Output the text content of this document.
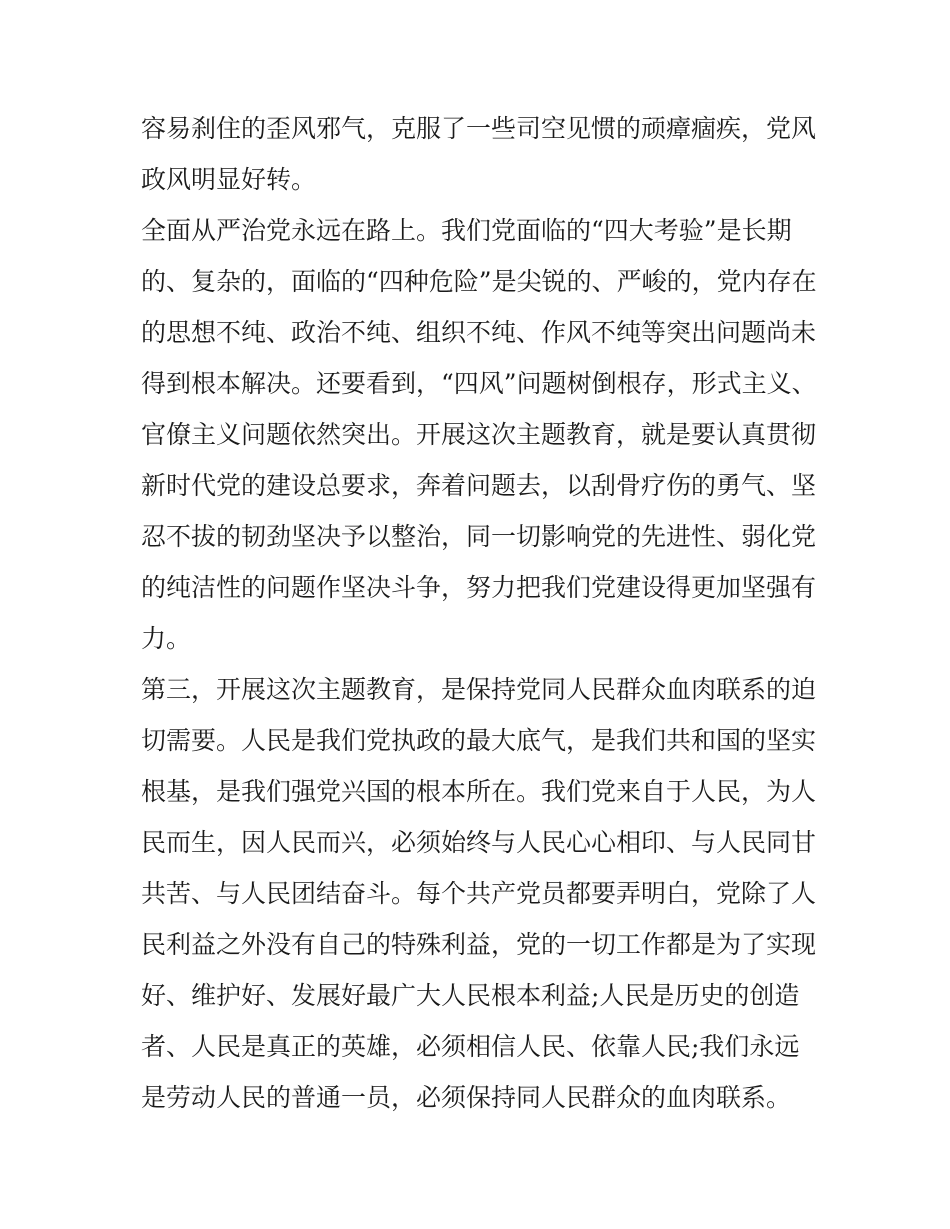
容易刹住的歪风邪气，克服了一些司空见惯的顽瘴痼疾，党风
政风明显好转。
全面从严治党永远在路上。我们党面临的“四大考验”是长期
的、复杂的，面临的“四种危险”是尖锐的、严峻的，党内存在
的思想不纯、政治不纯、组织不纯、作风不纯等突出问题尚未
得到根本解决。还要看到，“四风”问题树倒根存，形式主义、
官僚主义问题依然突出。开展这次主题教育，就是要认真贯彻
新时代党的建设总要求，奔着问题去，以刮骨疗伤的勇气、坚
忍不拔的韧劲坚决予以整治，同一切影响党的先进性、弱化党
的纯洁性的问题作坚决斗争，努力把我们党建设得更加坚强有
力。
第三，开展这次主题教育，是保持党同人民群众血肉联系的迫
切需要。人民是我们党执政的最大底气，是我们共和国的坚实
根基，是我们强党兴国的根本所在。我们党来自于人民，为人
民而生，因人民而兴，必须始终与人民心心相印、与人民同甘
共苦、与人民团结奋斗。每个共产党员都要弄明白，党除了人
民利益之外没有自己的特殊利益，党的一切工作都是为了实现
好、维护好、发展好最广大人民根本利益;人民是历史的创造
者、人民是真正的英雄，必须相信人民、依靠人民;我们永远
是劳动人民的普通一员，必须保持同人民群众的血肉联系。
